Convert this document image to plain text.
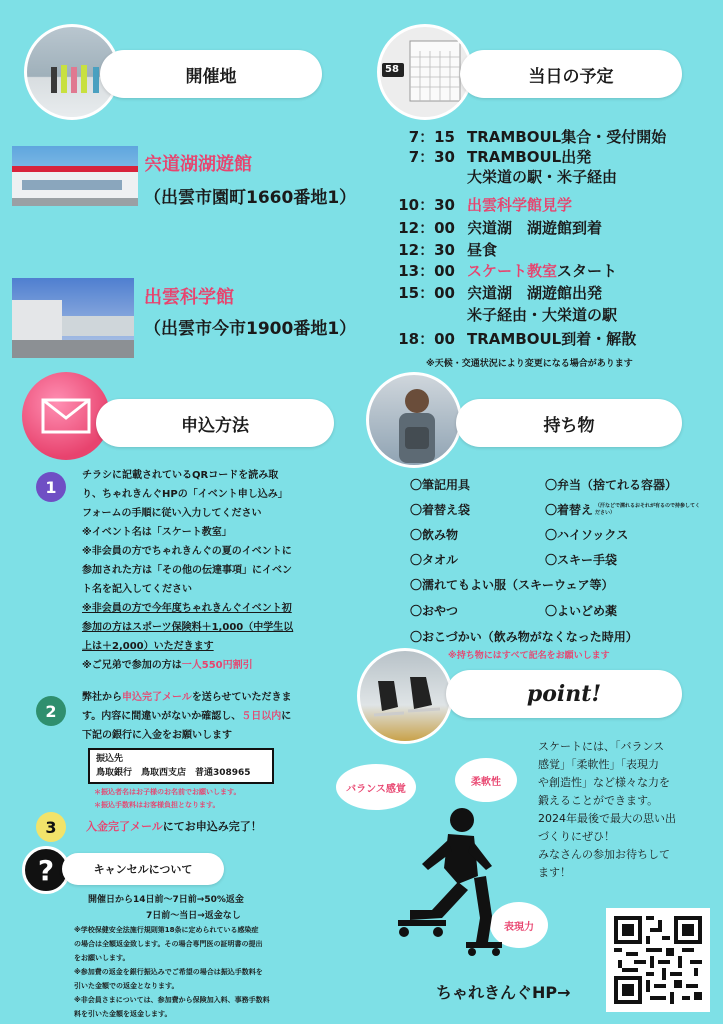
開催地
宍道湖湖遊館
（出雲市園町1660番地1）
出雲科学館
（出雲市今市1900番地1）
58	当日の予定
7：15 TRAMBOUL集合・受付開始
7：30 TRAMBOUL出発
大栄道の駅・米子経由
10：30 出雲科学館見学
12：00 宍道湖　湖遊館到着
12：30 昼食
13：00 スケート教室 スタート
15：00 宍道湖　湖遊館出発
米子経由・大栄道の駅
18：00 TRAMBOUL到着・解散
※天候・交通状況により変更になる場合があります
申込方法
1
チラシに記載されているQRコードを読み取
り、ちゃれきんぐHPの「イベント申し込み」
フォームの手順に従い入力してください
※イベント名は「スケート教室」
※非会員の方でちゃれきんぐの夏のイベントに
参加された方は「その他の伝達事項」にイベン
ト名を記入してください
※非会員の方で今年度ちゃれきんぐイベント初
参加の方はスポーツ保険料＋1,000（中学生以
上は＋2,000）いただきます
※ご兄弟で参加の方は一人550円割引
2
弊社から申込完了メールを送らせていただきま
す。内容に間違いがないか確認し、５日以内に
下記の銀行に入金をお願いします
振込先
鳥取銀行　鳥取西支店　普通308965
＊振込者名はお子様のお名前でお願いします。
＊振込手数料はお客様負担となります。
3	入金完了メールにてお申込み完了！
?	キャンセルについて
開催日から14日前〜7日前→50%返金
7日前〜当日→返金なし
※学校保健安全法施行規則第18条に定められている感染症
の場合は全額返金致します。その場合専門医の証明書の提出
をお願いします。
※参加費の返金を銀行振込みでご希望の場合は振込手数料を
引いた金額での返金となります。
※非会員さまについては、参加費から保険加入料、事務手数料
料を引いた金額を返金します。
持ち物
〇筆記用具	〇弁当（捨てれる容器）
〇着替え袋	〇着替え （汗などで濡れるおそれが有るので持参してください）
〇飲み物	〇ハイソックス
〇タオル	〇スキー手袋
〇濡れてもよい服（スキーウェア等）
〇おやつ	〇よいどめ薬
〇おこづかい（飲み物がなくなった時用）
※持ち物にはすべて記名をお願いします
point!
スケートには、「バランス
感覚」「柔軟性」「表現力
や創造性」など様々な力を
鍛えることができます。
2024年最後で最大の思い出
づくりにぜひ！
みなさんの参加お待ちして
ます！
バランス感覚
柔軟性
表現力
ちゃれきんぐHP→
